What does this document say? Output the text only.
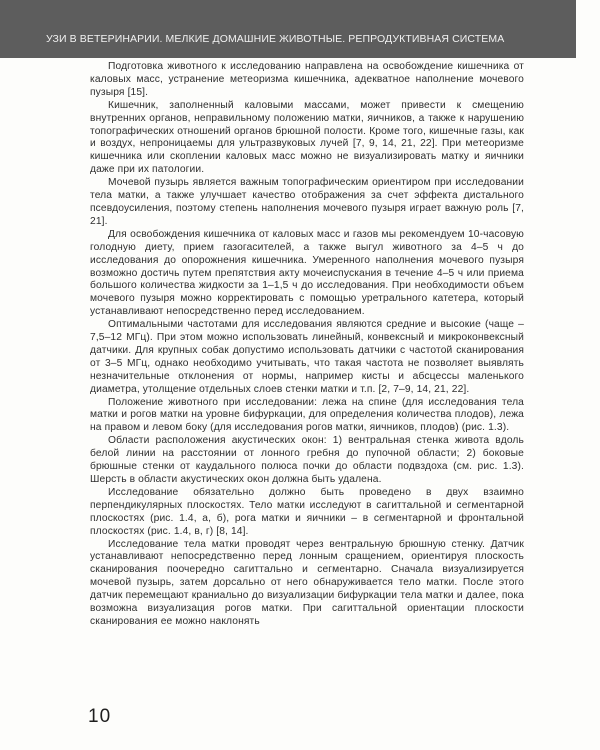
УЗИ В ВЕТЕРИНАРИИ. МЕЛКИЕ ДОМАШНИЕ ЖИВОТНЫЕ. РЕПРОДУКТИВНАЯ СИСТЕМА

Подготовка животного к исследованию направлена на освобождение кишечника от каловых масс, устранение метеоризма кишечника, адекватное наполнение мочевого пузыря [15].

Кишечник, заполненный каловыми массами, может привести к смещению внутренних органов, неправильному положению матки, яичников, а также к нарушению топографических отношений органов брюшной полости. Кроме того, кишечные газы, как и воздух, непроницаемы для ультразвуковых лучей [7, 9, 14, 21, 22]. При метеоризме кишечника или скоплении каловых масс можно не визуализировать матку и яичники даже при их патологии.

Мочевой пузырь является важным топографическим ориентиром при исследовании тела матки, а также улучшает качество отображения за счет эффекта дистального псевдоусиления, поэтому степень наполнения мочевого пузыря играет важную роль [7, 21].

Для освобождения кишечника от каловых масс и газов мы рекомендуем 10-часовую голодную диету, прием газогасителей, а также выгул животного за 4–5 ч до исследования до опорожнения кишечника. Умеренного наполнения мочевого пузыря возможно достичь путем препятствия акту мочеиспускания в течение 4–5 ч или приема большого количества жидкости за 1–1,5 ч до исследования. При необходимости объем мочевого пузыря можно корректировать с помощью уретрального катетера, который устанавливают непосредственно перед исследованием.

Оптимальными частотами для исследования являются средние и высокие (чаще – 7,5–12 МГц). При этом можно использовать линейный, конвексный и микроконвексный датчики. Для крупных собак допустимо использовать датчики с частотой сканирования от 3–5 МГц, однако необходимо учитывать, что такая частота не позволяет выявлять незначительные отклонения от нормы, например кисты и абсцессы маленького диаметра, утолщение отдельных слоев стенки матки и т.п. [2, 7–9, 14, 21, 22].

Положение животного при исследовании: лежа на спине (для исследования тела матки и рогов матки на уровне бифуркации, для определения количества плодов), лежа на правом и левом боку (для исследования рогов матки, яичников, плодов) (рис. 1.3).

Области расположения акустических окон: 1) вентральная стенка живота вдоль белой линии на расстоянии от лонного гребня до пупочной области; 2) боковые брюшные стенки от каудального полюса почки до области подвздоха (см. рис. 1.3). Шерсть в области акустических окон должна быть удалена.

Исследование обязательно должно быть проведено в двух взаимно перпендикулярных плоскостях. Тело матки исследуют в сагиттальной и сегментарной плоскостях (рис. 1.4, а, б), рога матки и яичники – в сегментарной и фронтальной плоскостях (рис. 1.4, в, г) [8, 14].

Исследование тела матки проводят через вентральную брюшную стенку. Датчик устанавливают непосредственно перед лонным сращением, ориентируя плоскость сканирования поочередно сагиттально и сегментарно. Сначала визуализируется мочевой пузырь, затем дорсально от него обнаруживается тело матки. После этого датчик перемещают краниально до визуализации бифуркации тела матки и далее, пока возможна визуализация рогов матки. При сагиттальной ориентации плоскости сканирования ее можно наклонять

10
